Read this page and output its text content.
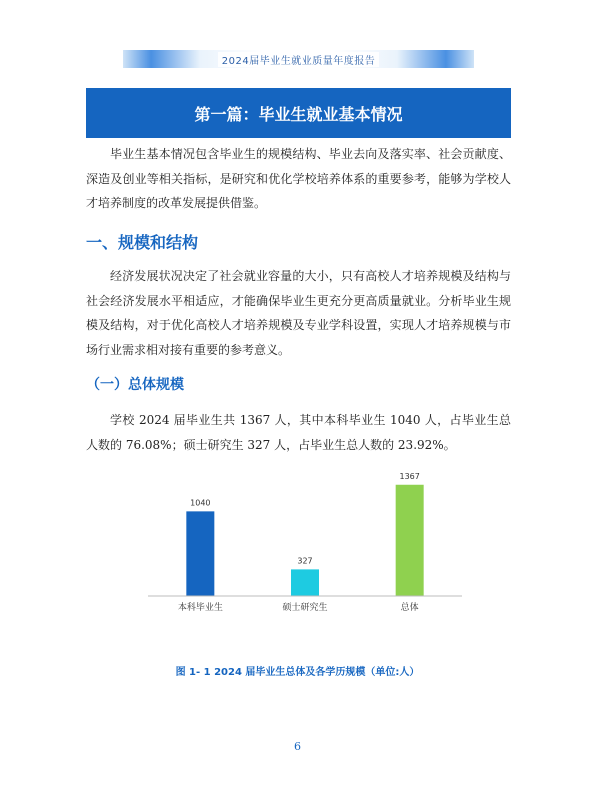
2024届毕业生就业质量年度报告
第一篇：毕业生就业基本情况

毕业生基本情况包含毕业生的规模结构、毕业去向及落实率、社会贡献度、深造及创业等相关指标，是研究和优化学校培养体系的重要参考，能够为学校人才培养制度的改革发展提供借鉴。

一、规模和结构

经济发展状况决定了社会就业容量的大小，只有高校人才培养规模及结构与社会经济发展水平相适应，才能确保毕业生更充分更高质量就业。分析毕业生规模及结构，对于优化高校人才培养规模及专业学科设置，实现人才培养规模与市场行业需求相对接有重要的参考意义。

（一）总体规模

学校 2024 届毕业生共 1367 人，其中本科毕业生 1040 人，占毕业生总人数的 76.08%；硕士研究生 327 人，占毕业生总人数的 23.92%。

1040
本科毕业生
327
硕士研究生
1367
总体
图 1- 1 2024 届毕业生总体及各学历规模（单位:人）
6
